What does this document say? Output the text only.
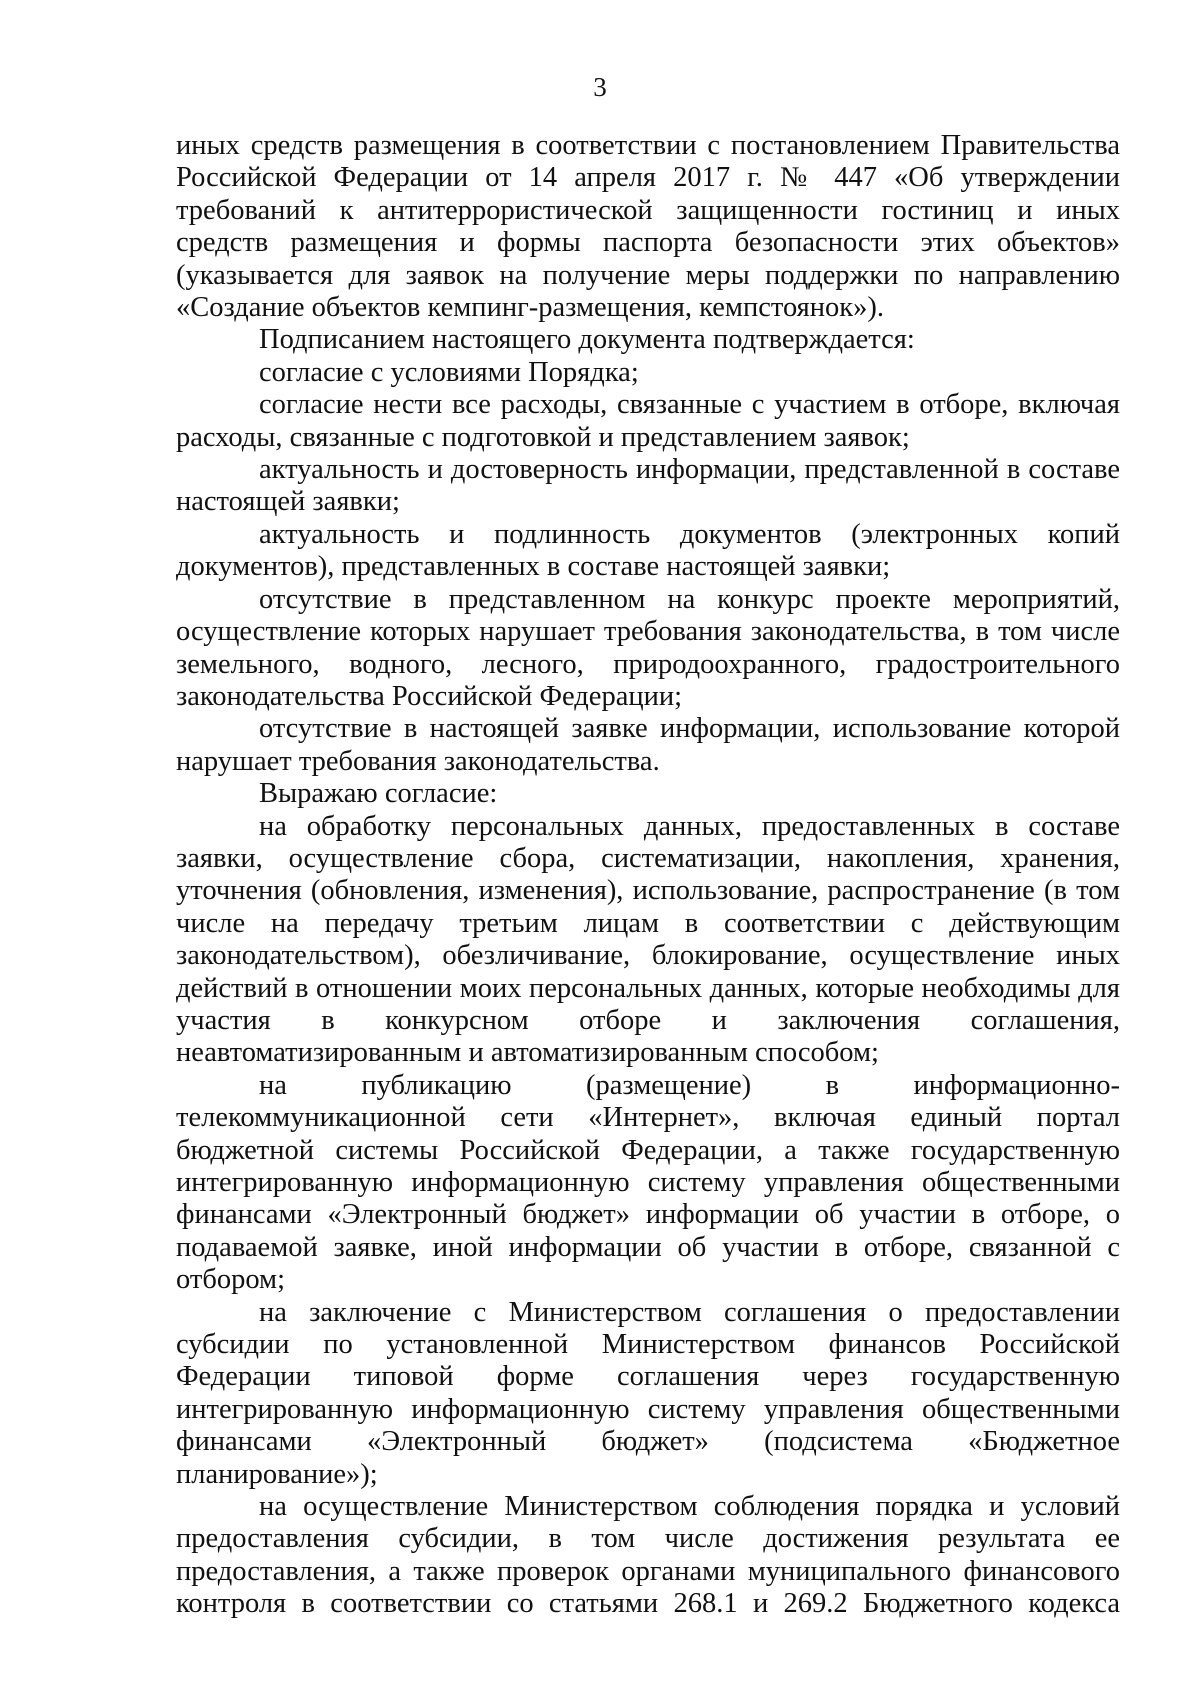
3

иных средств размещения в соответствии с постановлением Правительства Российской Федерации от 14 апреля 2017 г. № 447 «Об утверждении требований к антитеррористической защищенности гостиниц и иных средств размещения и формы паспорта безопасности этих объектов» (указывается для заявок на получение меры поддержки по направлению «Создание объектов кемпинг-размещения, кемпстоянок»).

Подписанием настоящего документа подтверждается:

согласие с условиями Порядка;

согласие нести все расходы, связанные с участием в отборе, включая расходы, связанные с подготовкой и представлением заявок;

актуальность и достоверность информации, представленной в составе настоящей заявки;

актуальность и подлинность документов (электронных копий документов), представленных в составе настоящей заявки;

отсутствие в представленном на конкурс проекте мероприятий, осуществление которых нарушает требования законодательства, в том числе земельного, водного, лесного, природоохранного, градостроительного законодательства Российской Федерации;

отсутствие в настоящей заявке информации, использование которой нарушает требования законодательства.

Выражаю согласие:

на обработку персональных данных, предоставленных в составе заявки, осуществление сбора, систематизации, накопления, хранения, уточнения (обновления, изменения), использование, распространение (в том числе на передачу третьим лицам в соответствии с действующим законодательством), обезличивание, блокирование, осуществление иных действий в отношении моих персональных данных, которые необходимы для участия в конкурсном отборе и заключения соглашения, неавтоматизированным и автоматизированным способом;

на публикацию (размещение) в информационно-телекоммуникационной сети «Интернет», включая единый портал бюджетной системы Российской Федерации, а также государственную интегрированную информационную систему управления общественными финансами «Электронный бюджет» информации об участии в отборе, о подаваемой заявке, иной информации об участии в отборе, связанной с отбором;

на заключение с Министерством соглашения о предоставлении субсидии по установленной Министерством финансов Российской Федерации типовой форме соглашения через государственную интегрированную информационную систему управления общественными финансами «Электронный бюджет» (подсистема «Бюджетное планирование»);

на осуществление Министерством соблюдения порядка и условий предоставления субсидии, в том числе достижения результата ее предоставления, а также проверок органами муниципального финансового контроля в соответствии со статьями 268.1 и 269.2 Бюджетного кодекса
